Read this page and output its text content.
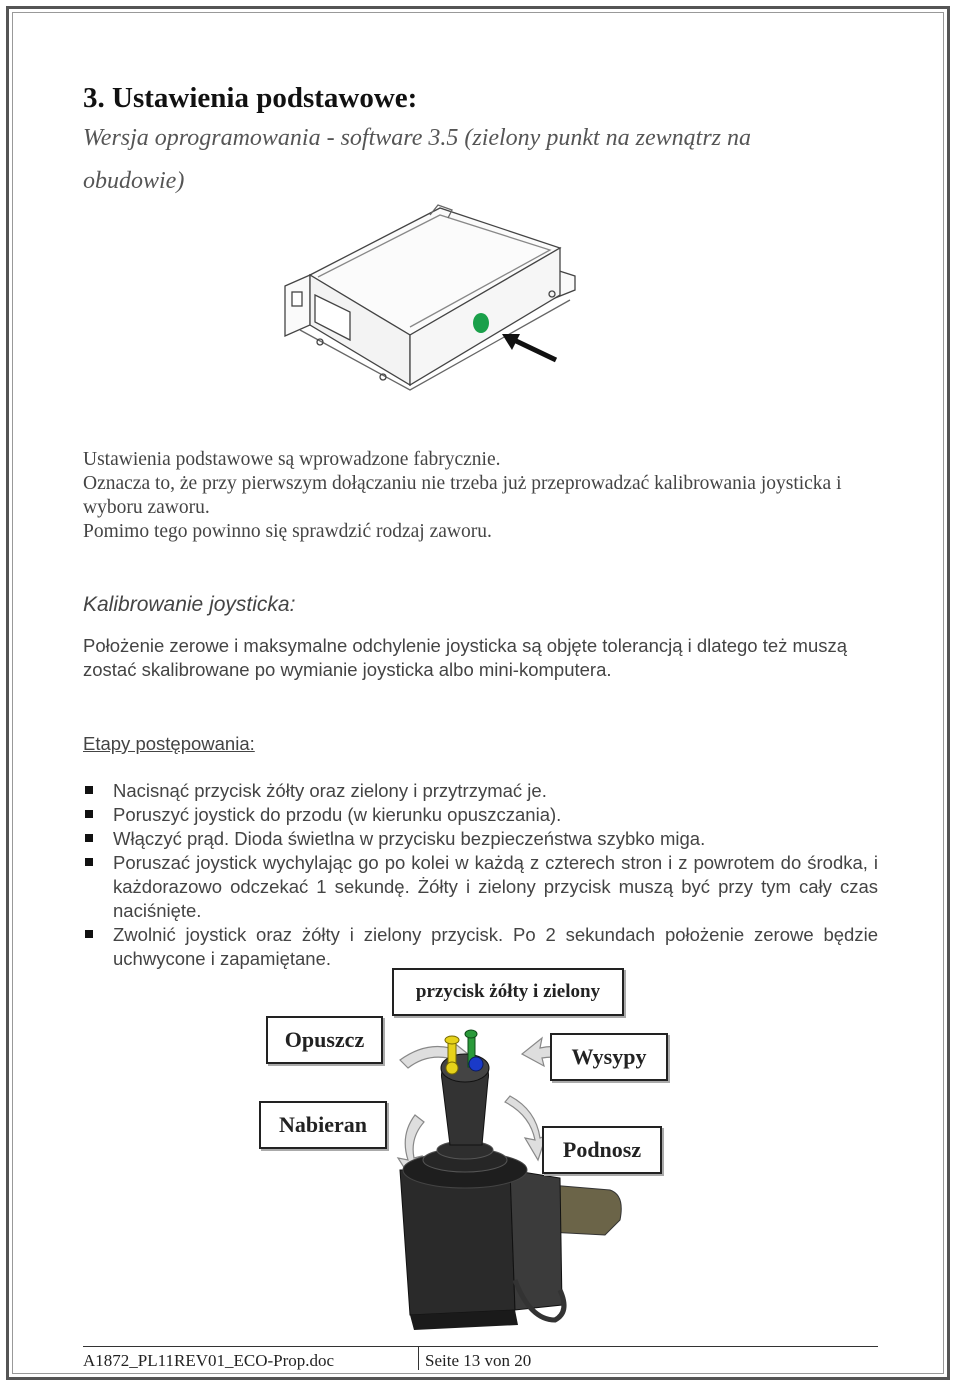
3. Ustawienia podstawowe:

Wersja oprogramowania - software 3.5 (zielony punkt na zewnątrz na obudowie)

Ustawienia podstawowe są wprowadzone fabrycznie.

Oznacza to, że przy pierwszym dołączaniu nie trzeba już przeprowadzać kalibrowania joysticka i wyboru zaworu.

Pomimo tego powinno się sprawdzić rodzaj zaworu.

Kalibrowanie joysticka:

Położenie zerowe i maksymalne odchylenie joysticka są objęte tolerancją i dlatego też muszą zostać skalibrowane po wymianie joysticka albo mini-komputera.

Etapy postępowania:

Nacisnąć przycisk żółty oraz zielony i przytrzymać je.
Poruszyć joystick do przodu (w kierunku opuszczania).
Włączyć prąd. Dioda świetlna w przycisku bezpieczeństwa szybko miga.
Poruszać joystick wychylając go po kolei w każdą z czterech stron i z powrotem do środka, i każdorazowo odczekać 1 sekundę. Żółty i zielony przycisk muszą być przy tym cały czas naciśnięte.
Zwolnić joystick oraz żółty i zielony przycisk. Po 2 sekundach położenie zerowe będzie uchwycone i zapamiętane.
przycisk żółty i zielony
Opuszcz
Wysypy
Nabieran
Podnosz

A1872_PL11REV01_ECO-Prop.doc	Seite 13 von 20
